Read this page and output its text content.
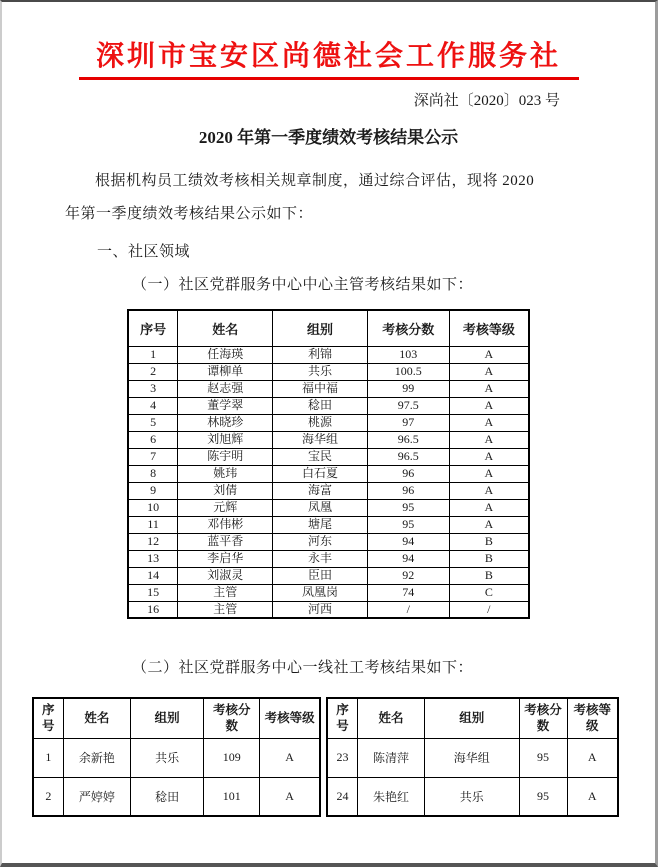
深圳市宝安区尚德社会工作服务社
深尚社〔2020〕023 号
2020 年第一季度绩效考核结果公示
根据机构员工绩效考核相关规章制度，通过综合评估，现将 2020
年第一季度绩效考核结果公示如下：
一、社区领域
（一）社区党群服务中心中心主管考核结果如下：
序号	姓名	组别	考核分数	考核等级
1	任海瑛	利锦	103	A
2	谭柳单	共乐	100.5	A
3	赵志强	福中福	99	A
4	董学翠	稔田	97.5	A
5	林晓珍	桃源	97	A
6	刘旭辉	海华组	96.5	A
7	陈宇明	宝民	96.5	A
8	姚玮	白石夏	96	A
9	刘倩	海富	96	A
10	元辉	凤凰	95	A
11	邓伟彬	塘尾	95	A
12	蓝平香	河东	94	B
13	李启华	永丰	94	B
14	刘淑灵	臣田	92	B
15	主管	凤凰岗	74	C
16	主管	河西	/	/
（二）社区党群服务中心一线社工考核结果如下：
序号	姓名	组别	考核分数	考核等级
1	余新艳	共乐	109	A
2	严婷婷	稔田	101	A
序号	姓名	组别	考核分数	考核等级
23	陈清萍	海华组	95	A
24	朱艳红	共乐	95	A
